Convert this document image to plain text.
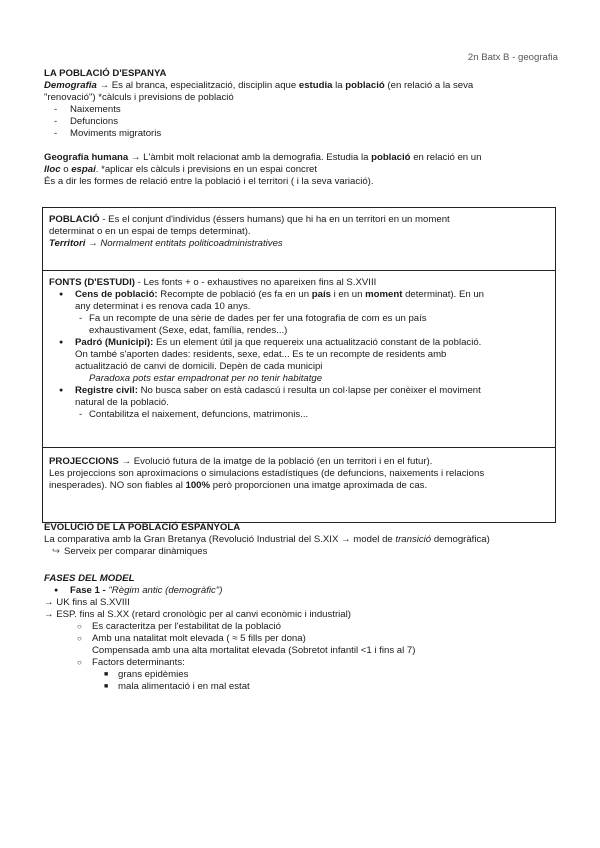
2n Batx B - geografia
LA POBLACIÓ D'ESPANYA
Demografia → Es al branca, especialització, disciplin aque estudia la població (en relació a la seva
"renovació") *càlculs i previsions de població
- Naixements
- Defuncions
- Moviments migratoris
Geografia humana → L'àmbit molt relacionat amb la demografia. Estudia la població en relació en un
lloc o espai. *aplicar els càlculs i previsions en un espai concret
És a dir les formes de relació entre la població i el territori ( i la seva variació).
POBLACIÓ - Es el conjunt d'individus (éssers humans) que hi ha en un territori en un moment
determinat o en un espai de temps determinat).
Territori → Normalment entitats politicoadministratives
FONTS (D'ESTUDI) - Les fonts + o - exhaustives no apareixen fins al S.XVIII
● Cens de població: Recompte de població (es fa en un país i en un moment determinat). En un
any determinat i es renova cada 10 anys.
- Fa un recompte de una sèrie de dades per fer una fotografia de com es un país
exhaustivament (Sexe, edat, família, rendes...)
● Padró (Municipi): Es un element útil ja que requereix una actualització constant de la població.
On també s'aporten dades: residents, sexe, edat... Es te un recompte de residents amb
actualització de canvi de domicili. Depèn de cada municipi
Paradoxa pots estar empadronat per no tenir habitatge
● Registre civil: No busca saber on està cadascú i resulta un col·lapse per conèixer el moviment
natural de la població.
- Contabilitza el naixement, defuncions, matrimonis...
PROJECCIONS → Evolució futura de la imatge de la població (en un territori i en el futur).
Les projeccions son aproximacions o simulacions estadístiques (de defuncions, naixements i relacions
inesperades). NO son fiables al 100% però proporcionen una imatge aproximada de cas.
EVOLUCIÓ DE LA POBLACIÓ ESPANYOLA
La comparativa amb la Gran Bretanya (Revolució Industrial del S.XIX → model de transició demogràfica)
↪ Serveix per comparar dinàmiques
FASES DEL MODEL
● Fase 1 - "Règim antic (demogràfic")
→ UK fins al S.XVIII
→ ESP. fins al S.XX (retard cronològic per al canvi econòmic i industrial)
○ Es caracteritza per l'estabilitat de la població
○ Amb una natalitat molt elevada ( ≈ 5 fills per dona)
Compensada amb una alta mortalitat elevada (Sobretot infantil <1 i fins al 7)
○ Factors determinants:
■ grans epidèmies
■ mala alimentació i en mal estat
